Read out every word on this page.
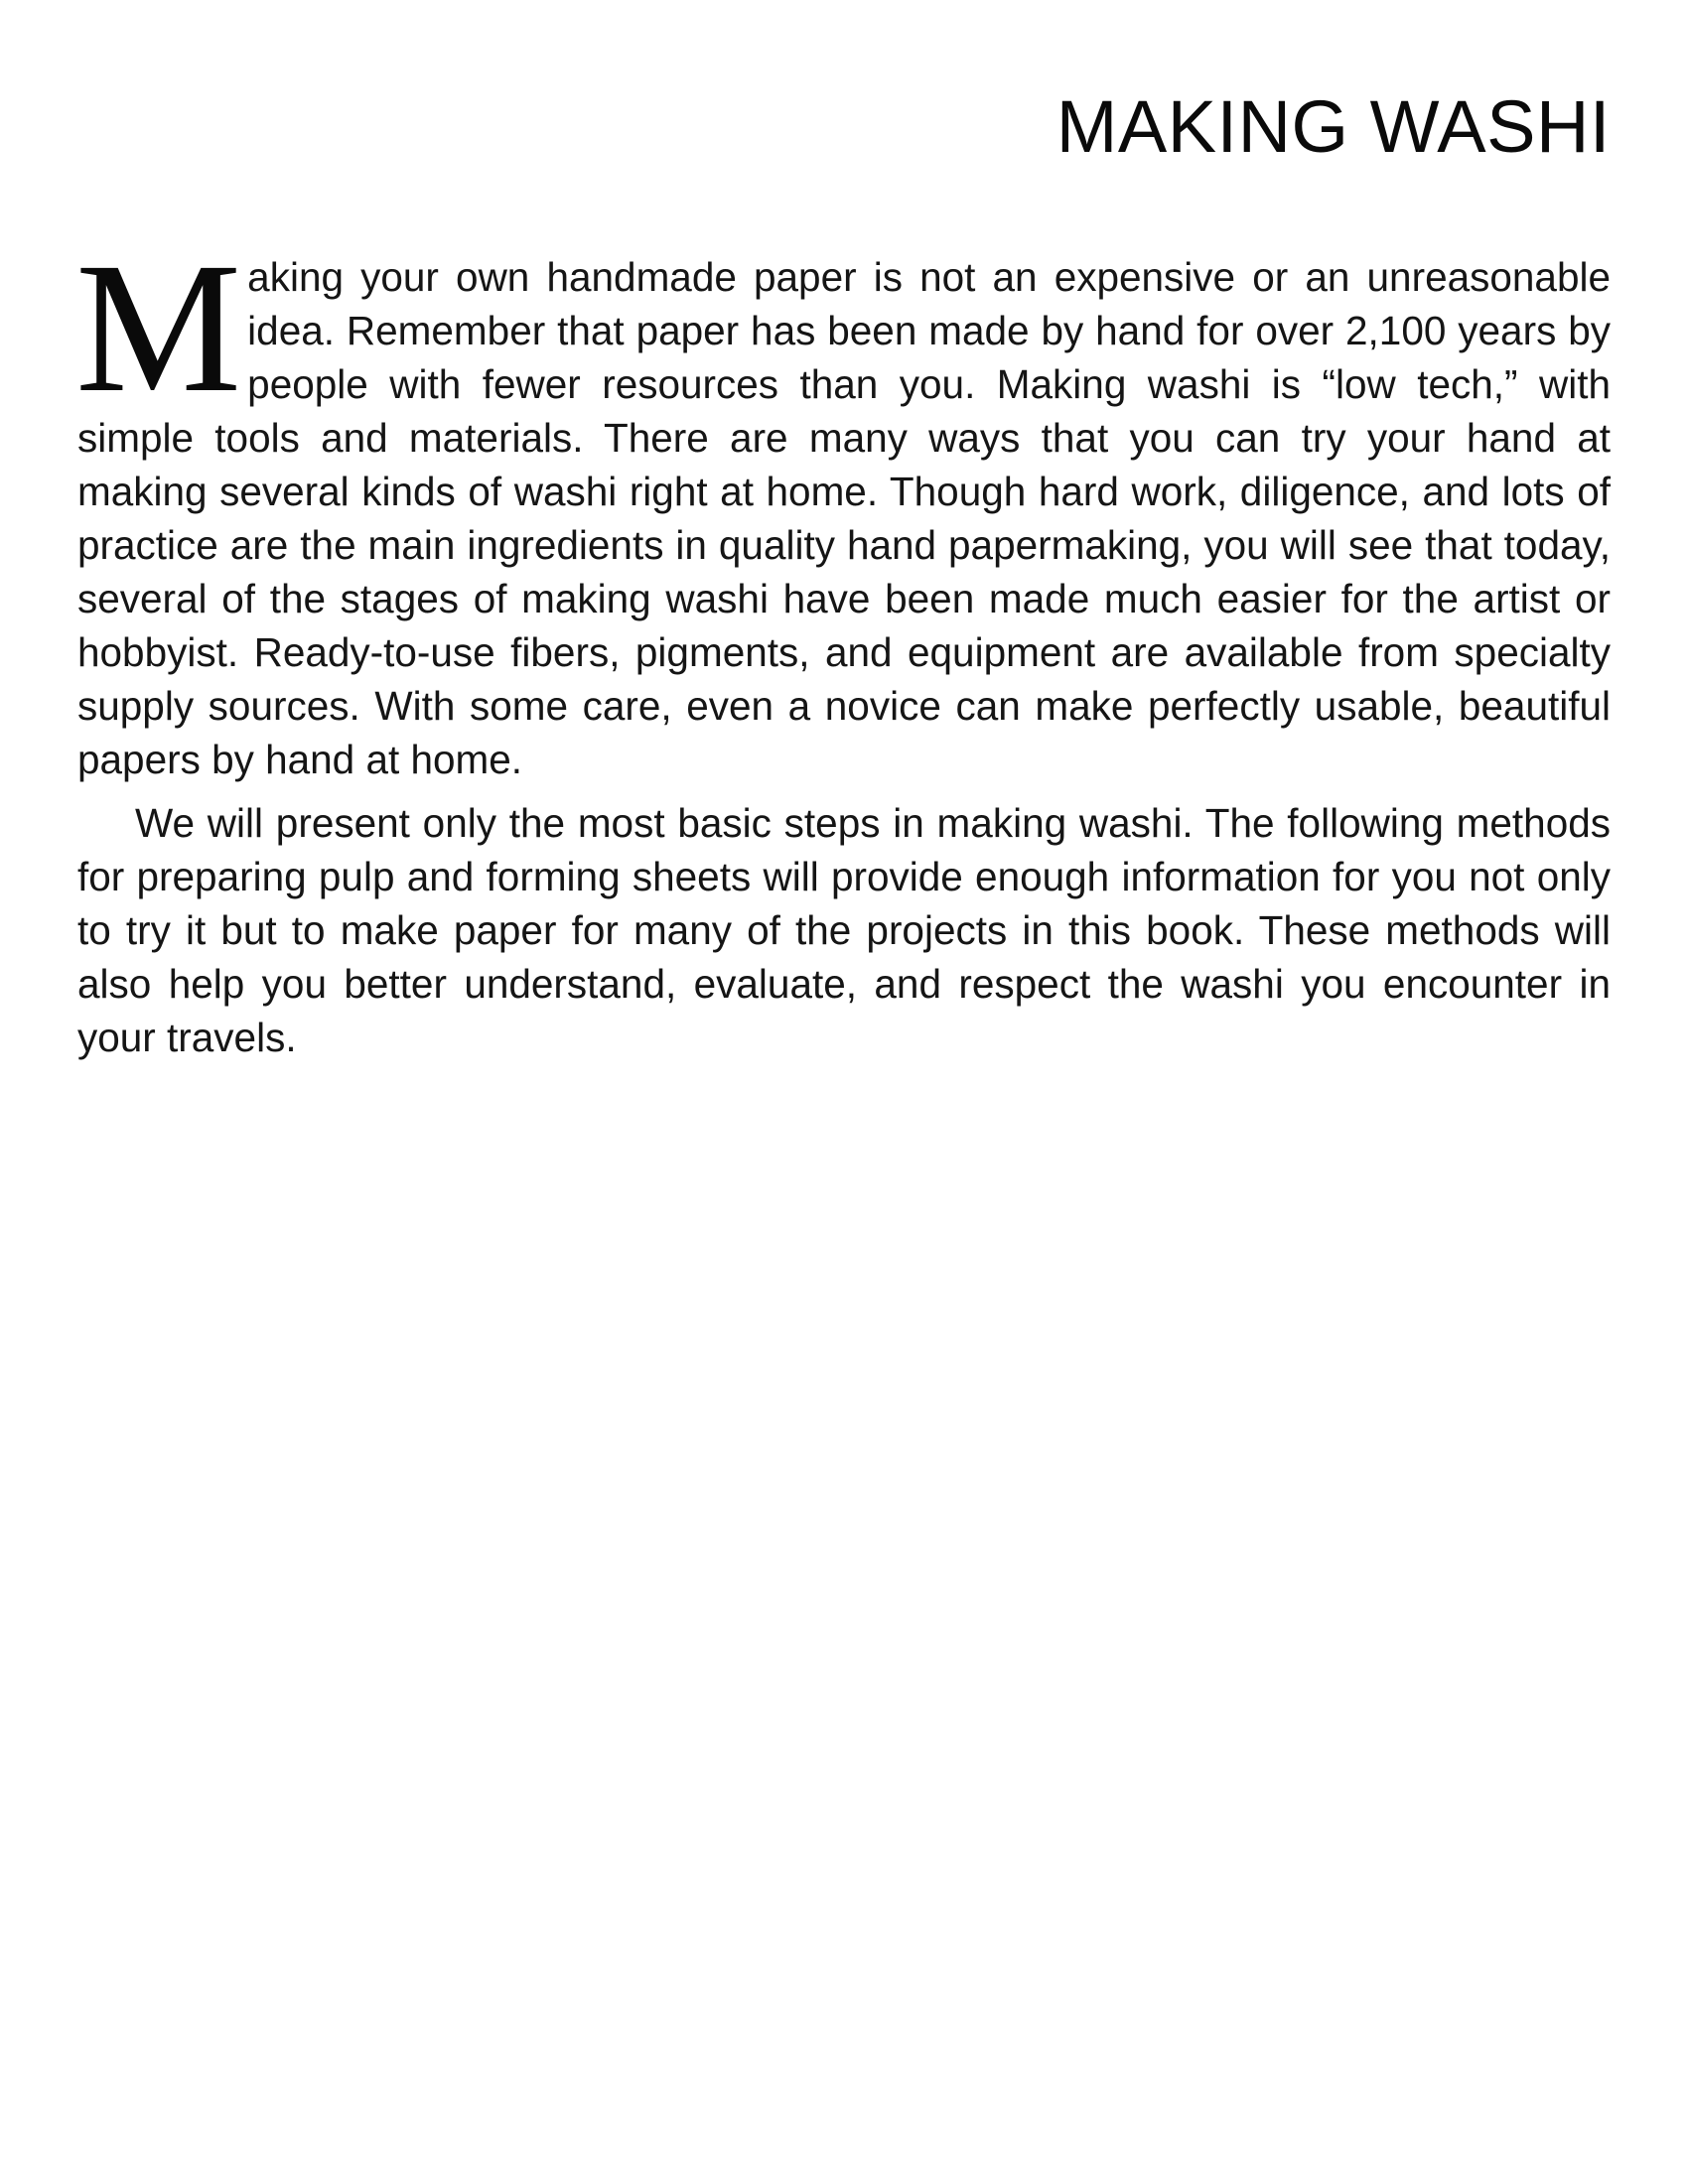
MAKING WASHI

Making your own handmade paper is not an expensive or an unreasonable idea. Remember that paper has been made by hand for over 2,100 years by people with fewer resources than you. Making washi is “low tech,” with simple tools and materials. There are many ways that you can try your hand at making several kinds of washi right at home. Though hard work, diligence, and lots of practice are the main ingredients in quality hand papermaking, you will see that today, several of the stages of making washi have been made much easier for the artist or hobbyist. Ready-to-use fibers, pigments, and equipment are available from specialty supply sources. With some care, even a novice can make perfectly usable, beautiful papers by hand at home.

We will present only the most basic steps in making washi. The following methods for preparing pulp and forming sheets will provide enough information for you not only to try it but to make paper for many of the projects in this book. These methods will also help you better understand, evaluate, and respect the washi you encounter in your travels.
